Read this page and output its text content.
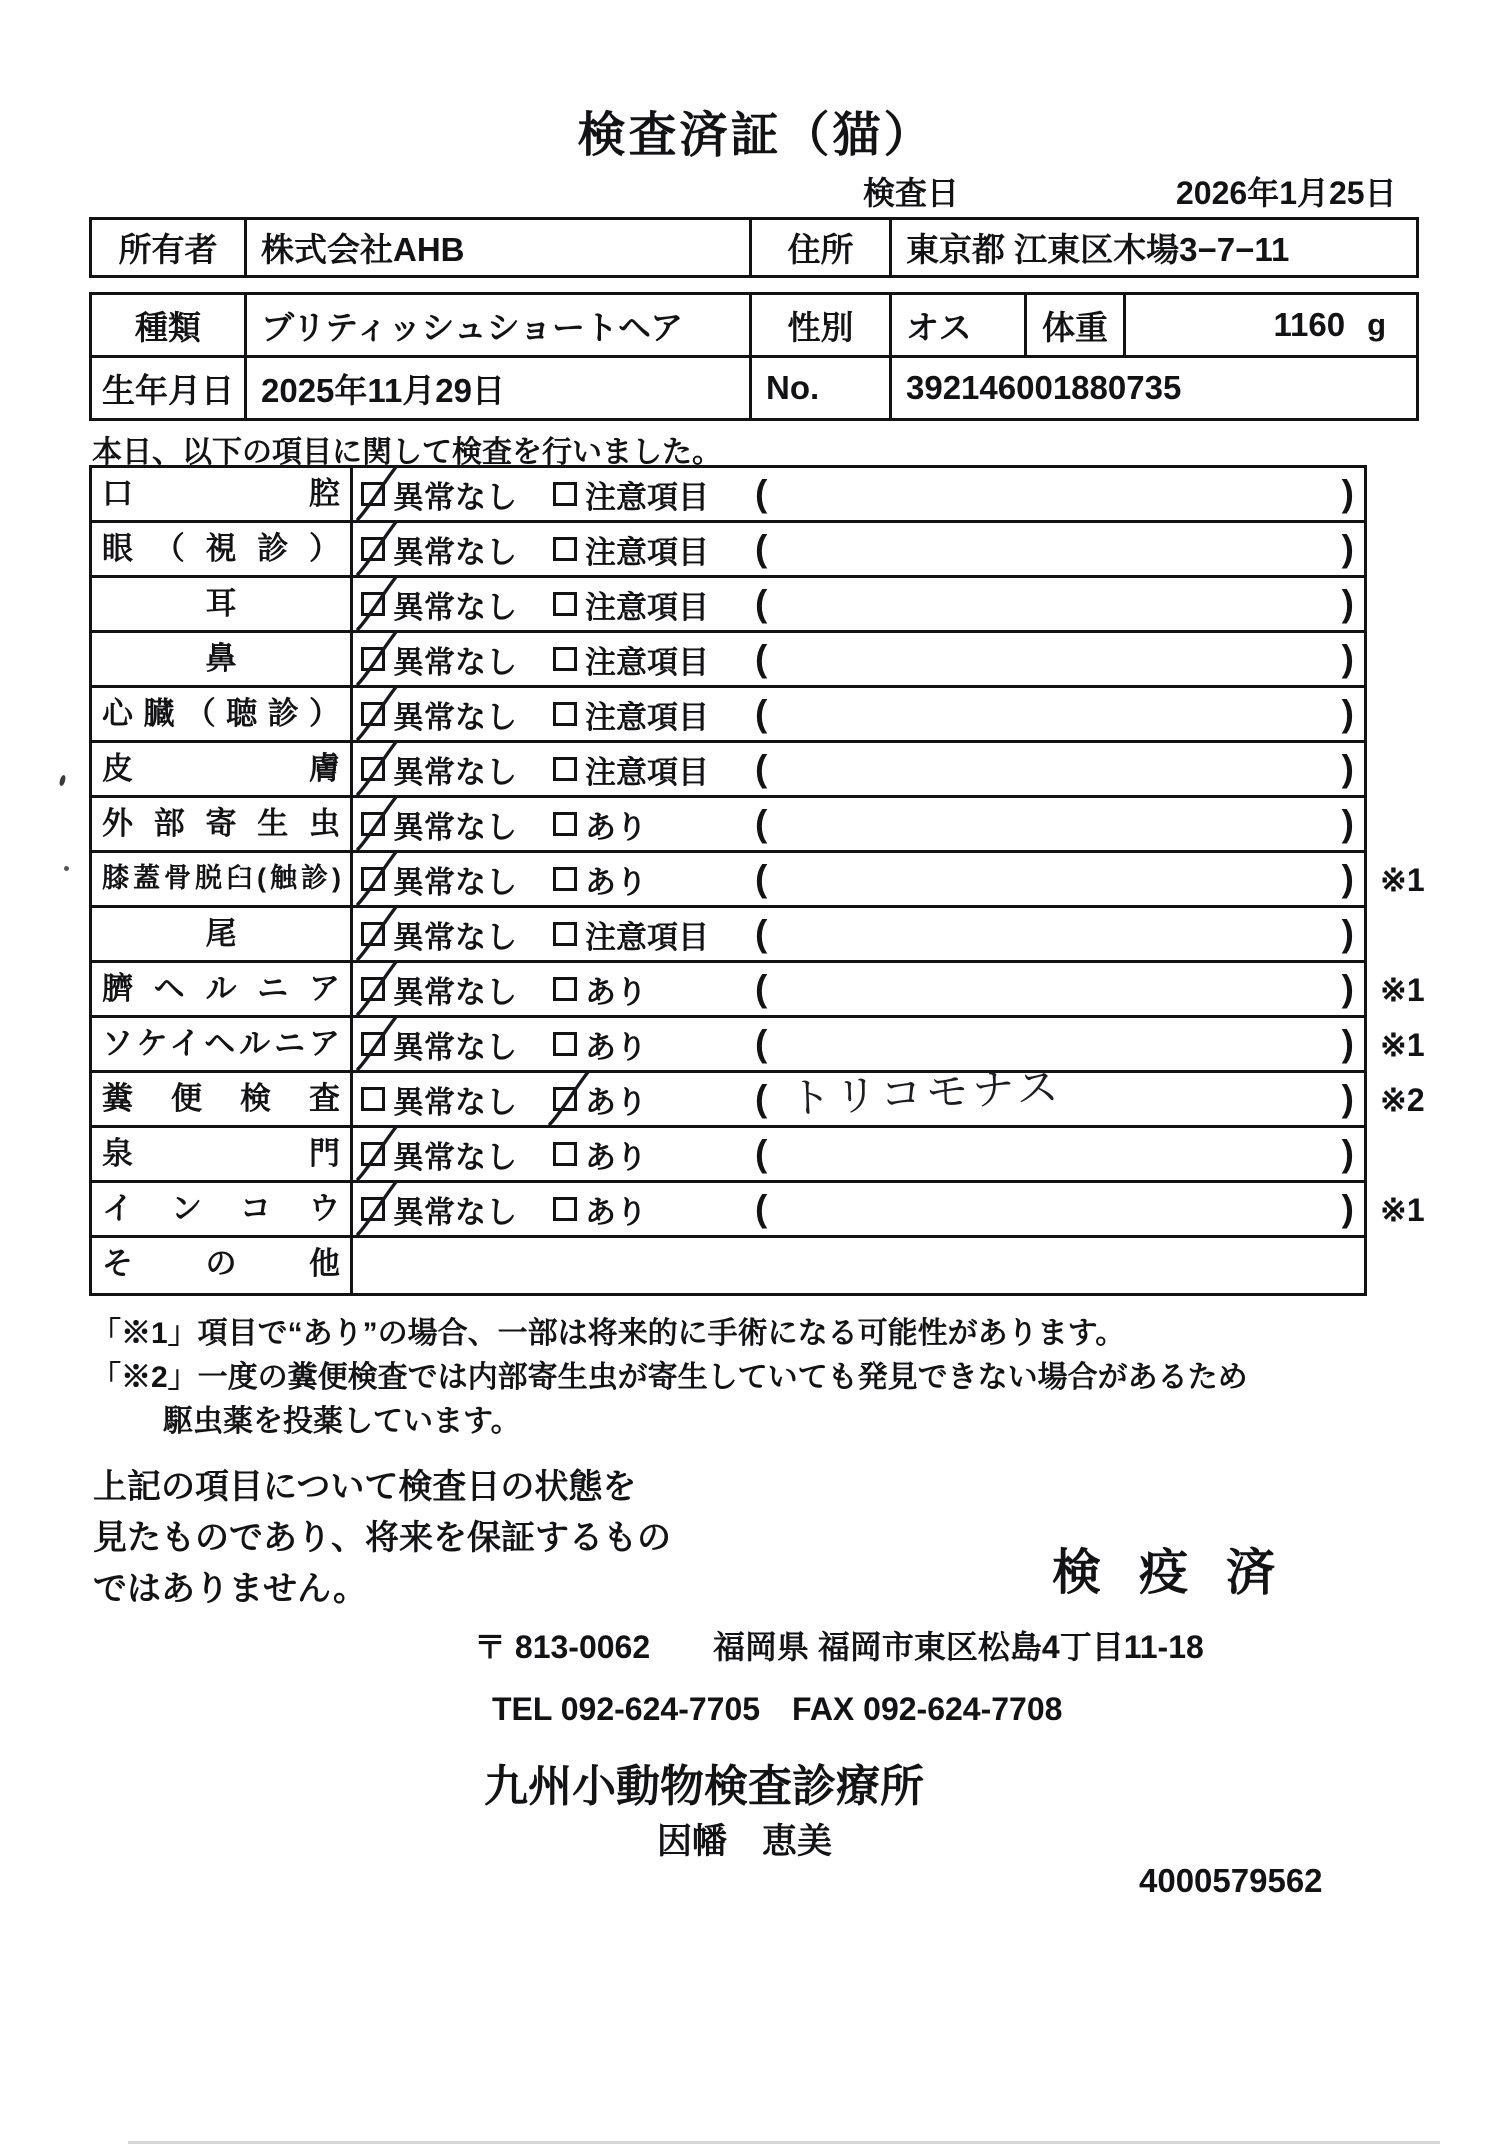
検査済証（猫）
検査日	2026年1月25日
所有者	株式会社AHB	住所	東京都 江東区木場3−7−11
種類	ブリティッシュショートヘア	性別	オス	体重	1160 g
生年月日 2025年11月29日	No.	392146001880735
本日、以下の項目に関して検査を行いました。
口腔	異常なし 注意項目 (	)
眼（視診）	異常なし 注意項目 (	)
耳	異常なし 注意項目 (	)
鼻	異常なし 注意項目 (	)
心臓（聴診）	異常なし 注意項目 (	)
皮膚	異常なし 注意項目 (	)
外部寄生虫	異常なし あり	(	)
膝蓋骨脱臼(触診)	異常なし あり	(	) ※1
尾	異常なし 注意項目 (	)
臍ヘルニア	異常なし あり	(	) ※1
ソケイヘルニア	異常なし あり	(	) ※1
糞便検査	異常なし あり	( トリコモナス	) ※2
泉門	異常なし あり	(	)
インコウ	異常なし あり	(	) ※1
その他
「※1」項目で“あり”の場合、一部は将来的に手術になる可能性があります。
「※2」一度の糞便検査では内部寄生虫が寄生していても発見できない場合があるため
駆虫薬を投薬しています。
上記の項目について検査日の状態を
見たものであり、将来を保証するもの
ではありません。	検疫済
〒 813-0062 福岡県 福岡市東区松島4丁目11-18
TEL 092-624-7705　FAX 092-624-7708
九州小動物検査診療所
因幡　恵美
4000579562
